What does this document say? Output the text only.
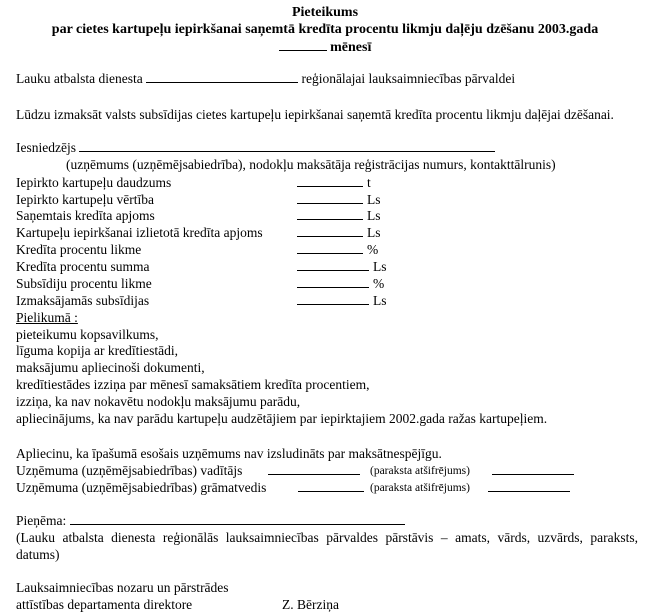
Pieteikums
par cietes kartupeļu iepirkšanai saņemtā kredīta procentu likmju daļēju dzēšanu 2003.gada
mēnesī
Lauku atbalsta dienesta	reģionālajai lauksaimniecības pārvaldei
Lūdzu izmaksāt valsts subsīdijas cietes kartupeļu iepirkšanai saņemtā kredīta procentu likmju daļējai dzēšanai.
Iesniedzējs
(uzņēmums (uzņēmējsabiedrība), nodokļu maksātāja reģistrācijas numurs, kontakttālrunis)
Iepirkto kartupeļu daudzums	t
Iepirkto kartupeļu vērtība	Ls
Saņemtais kredīta apjoms	Ls
Kartupeļu iepirkšanai izlietotā kredīta apjoms	Ls
Kredīta procentu likme	%
Kredīta procentu summa	Ls
Subsīdiju procentu likme	%
Izmaksājamās subsīdijas	Ls
Pielikumā :
pieteikumu kopsavilkums,
līguma kopija ar kredītiestādi,
maksājumu apliecinoši dokumenti,
kredītiestādes izziņa par mēnesī samaksātiem kredīta procentiem,
izziņa, ka nav nokavētu nodokļu maksājumu parādu,
apliecinājums, ka nav parādu kartupeļu audzētājiem par iepirktajiem 2002.gada ražas kartupeļiem.
Apliecinu, ka īpašumā esošais uzņēmums nav izsludināts par maksātnespējīgu.
Uzņēmuma (uzņēmējsabiedrības) vadītājs	(paraksta atšifrējums)
Uzņēmuma (uzņēmējsabiedrības) grāmatvedis	(paraksta atšifrējums)
Pieņēma:
(Lauku atbalsta dienesta reģionālās lauksaimniecības pārvaldes pārstāvis – amats, vārds, uzvārds, paraksts, datums)
Lauksaimniecības nozaru un pārstrādes
attīstības departamenta direktore	Z. Bērziņa
